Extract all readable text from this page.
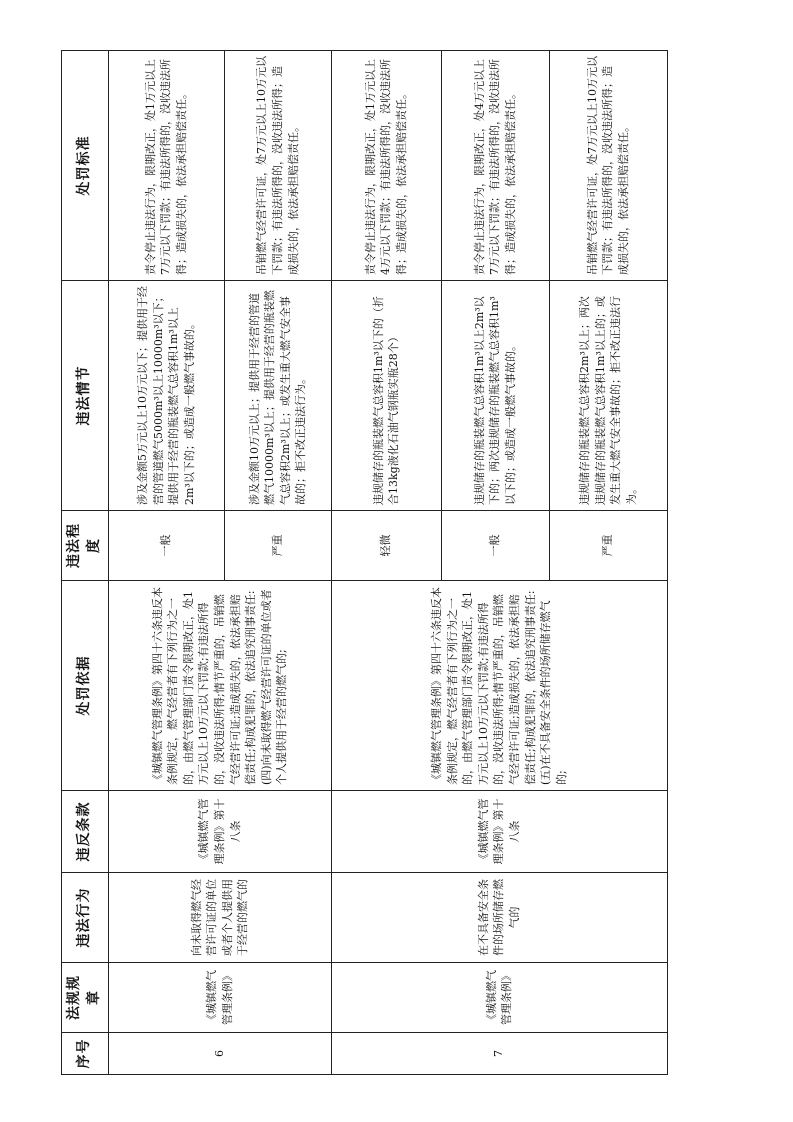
序号	法规规章	违法行为	违反条款	处罚依据	违法程度	违法情节	处罚标准
6	《城镇燃气管理条例》	向未取得燃气经营许可证的单位或者个人提供用于经营的燃气的	《城镇燃气管理条例》第十八条	《城镇燃气管理条例》第四十六条违反本条例规定，燃气经营者有下列行为之一的，由燃气管理部门责令限期改正，处1万元以上10万元以下罚款;有违法所得的，没收违法所得;情节严重的，吊销燃气经营许可证;造成损失的，依法承担赔偿责任;构成犯罪的，依法追究刑事责任:(四)向未取得燃气经营许可证的单位或者个人提供用于经营的燃气的;	一般	涉及金额5万元以上10万元以下；提供用于经营的管道燃气5000m³以上10000m³以下；提供用于经营的瓶装燃气总容积1m³以上2m³以下的；或造成一般燃气事故的。	责令停止违法行为，限期改正，处1万元以上7万元以下罚款；有违法所得的，没收违法所得；造成损失的，依法承担赔偿责任。
					严重	涉及金额10万元以上；提供用于经营的管道燃气10000m³以上；提供用于经营的瓶装燃气总容积2m³以上；或发生重大燃气安全事故的；拒不改正违法行为。	吊销燃气经营许可证，处7万元以上10万元以下罚款；有违法所得的，没收违法所得；造成损失的，依法承担赔偿责任。
7	《城镇燃气管理条例》	在不具备安全条件的场所储存燃气的	《城镇燃气管理条例》第十八条	《城镇燃气管理条例》第四十六条违反本条例规定，燃气经营者有下列行为之一的，由燃气管理部门责令限期改正，处1万元以上10万元以下罚款;有违法所得的，没收违法所得;情节严重的，吊销燃气经营许可证;造成损失的，依法承担赔偿责任;构成犯罪的，依法追究刑事责任:(五)在不具备安全条件的场所储存燃气的;	轻微	违规储存的瓶装燃气总容积1m³以下的（折合13kg液化石油气钢瓶实瓶28个）	责令停止违法行为，限期改正，处1万元以上4万元以下罚款；有违法所得的，没收违法所得；造成损失的，依法承担赔偿责任。
					一般	违规储存的瓶装燃气总容积1m³以上2m³以下的；两次违规储存的瓶装燃气总容积1m³以下的；或造成一般燃气事故的。	责令停止违法行为，限期改正，处4万元以上7万元以下罚款；有违法所得的，没收违法所得；造成损失的，依法承担赔偿责任。
					严重	违规储存的瓶装燃气总容积2m³以上；两次违规储存的瓶装燃气总容积1m³以上的；或发生重大燃气安全事故的；拒不改正违法行为。	吊销燃气经营许可证，处7万元以上10万元以下罚款；有违法所得的，没收违法所得；造成损失的，依法承担赔偿责任。
